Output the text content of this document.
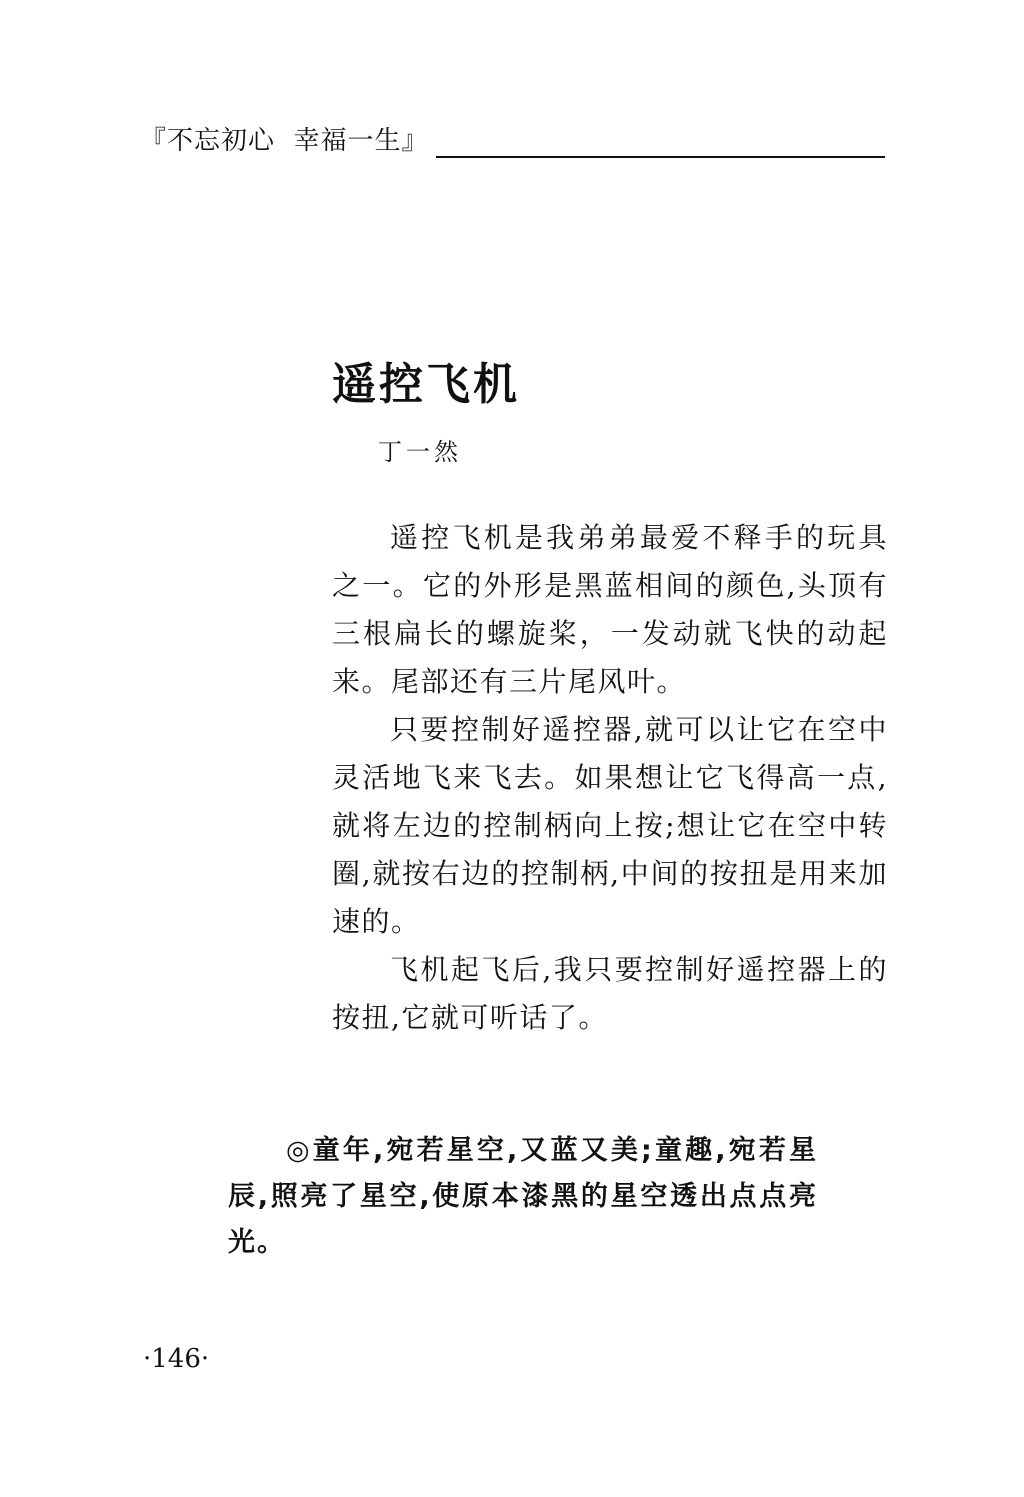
『不忘初心  幸福一生』
遥控飞机
丁一然

遥控飞机是我弟弟最爱不释手的玩具之一。它的外形是黑蓝相间的颜色,头顶有三根扁长的螺旋桨，一发动就飞快的动起来。尾部还有三片尾风叶。

只要控制好遥控器,就可以让它在空中灵活地飞来飞去。如果想让它飞得高一点,就将左边的控制柄向上按;想让它在空中转圈,就按右边的控制柄,中间的按扭是用来加速的。

飞机起飞后,我只要控制好遥控器上的按扭,它就可听话了。

◎童年,宛若星空,又蓝又美;童趣,宛若星辰,照亮了星空,使原本漆黑的星空透出点点亮光。

·146·
